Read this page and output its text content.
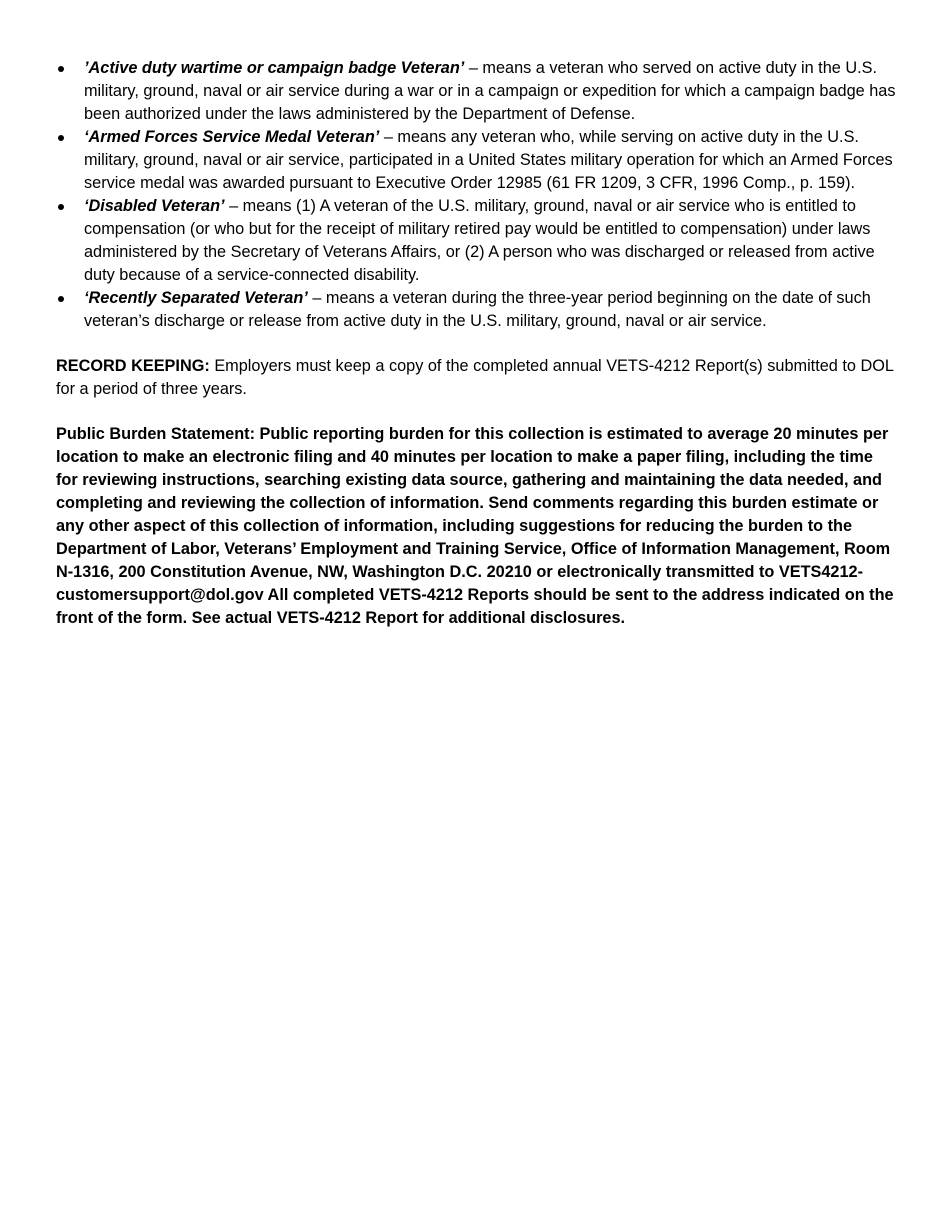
’Active duty wartime or campaign badge Veteran’ – means a veteran who served on active duty in the U.S. military, ground, naval or air service during a war or in a campaign or expedition for which a campaign badge has been authorized under the laws administered by the Department of Defense.
‘Armed Forces Service Medal Veteran’ – means any veteran who, while serving on active duty in the U.S. military, ground, naval or air service, participated in a United States military operation for which an Armed Forces service medal was awarded pursuant to Executive Order 12985 (61 FR 1209, 3 CFR, 1996 Comp., p. 159).
‘Disabled Veteran’ – means (1) A veteran of the U.S. military, ground, naval or air service who is entitled to compensation (or who but for the receipt of military retired pay would be entitled to compensation) under laws administered by the Secretary of Veterans Affairs, or (2) A person who was discharged or released from active duty because of a service-connected disability.
‘Recently Separated Veteran’ – means a veteran during the three-year period beginning on the date of such veteran’s discharge or release from active duty in the U.S. military, ground, naval or air service.

RECORD KEEPING: Employers must keep a copy of the completed annual VETS-4212 Report(s) submitted to DOL for a period of three years.

Public Burden Statement: Public reporting burden for this collection is estimated to average 20 minutes per location to make an electronic filing and 40 minutes per location to make a paper filing, including the time for reviewing instructions, searching existing data source, gathering and maintaining the data needed, and completing and reviewing the collection of information. Send comments regarding this burden estimate or any other aspect of this collection of information, including suggestions for reducing the burden to the Department of Labor, Veterans’ Employment and Training Service, Office of Information Management, Room N-1316, 200 Constitution Avenue, NW, Washington D.C. 20210 or electronically transmitted to VETS4212-customersupport@dol.gov All completed VETS-4212 Reports should be sent to the address indicated on the front of the form. See actual VETS-4212 Report for additional disclosures.
